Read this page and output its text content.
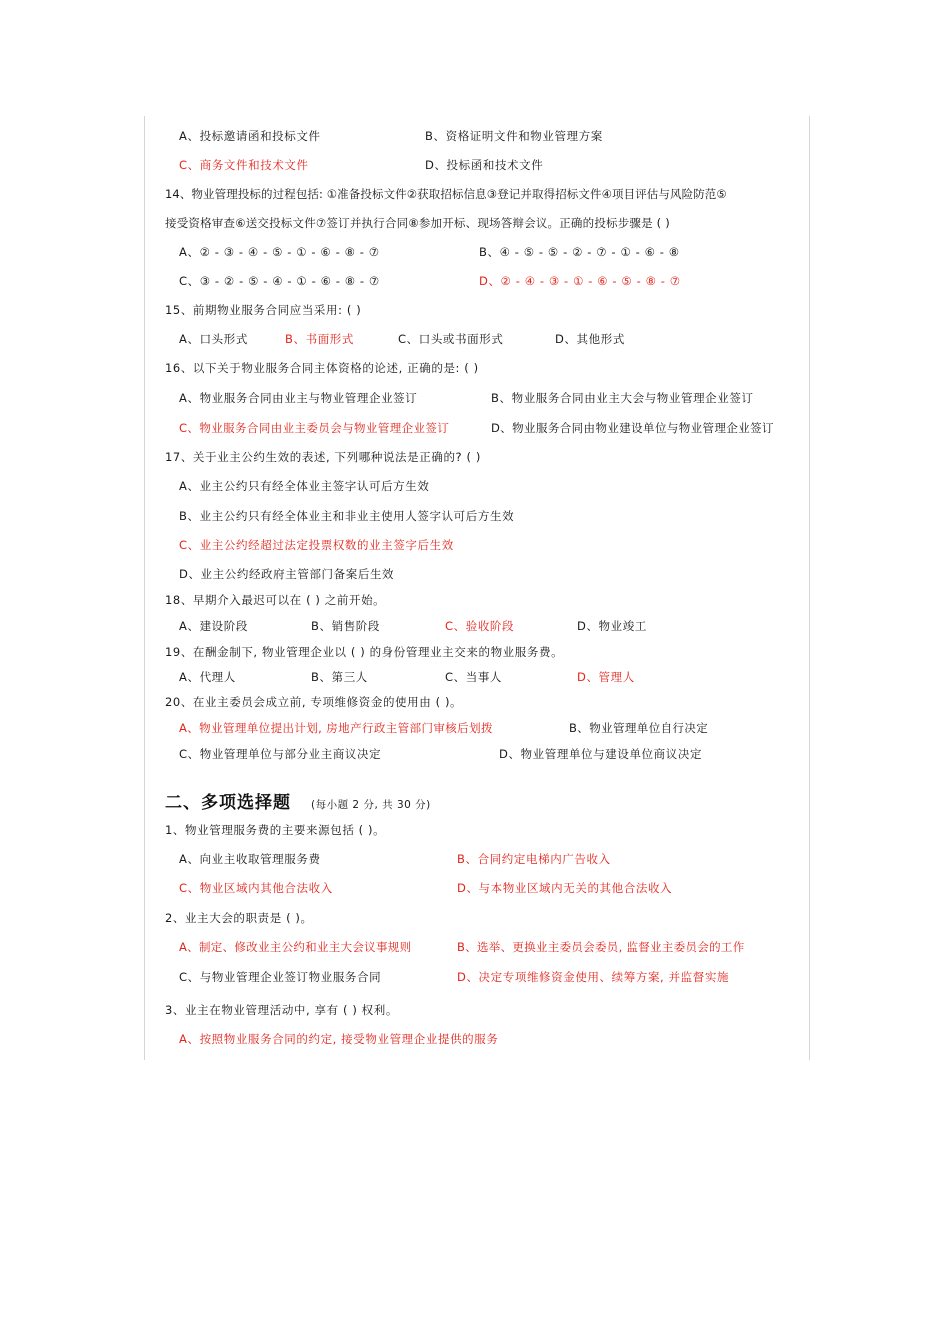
A、投标邀请函和投标文件	B、资格证明文件和物业管理方案
C、商务文件和技术文件	D、投标函和技术文件
14、物业管理投标的过程包括: ①准备投标文件②获取招标信息③登记并取得招标文件④项目评估与风险防范⑤
接受资格审查⑥送交投标文件⑦签订并执行合同⑧参加开标、现场答辩会议。正确的投标步骤是 ( )
A、② - ③ - ④ - ⑤ - ① - ⑥ - ⑧ - ⑦	B、④ - ⑤ - ⑤ - ② - ⑦ - ① - ⑥ - ⑧
C、③ - ② - ⑤ - ④ - ① - ⑥ - ⑧ - ⑦	D、② - ④ - ③ - ① - ⑥ - ⑤ - ⑧ - ⑦
15、前期物业服务合同应当采用: ( )
A、口头形式	B、书面形式	C、口头或书面形式	D、其他形式
16、以下关于物业服务合同主体资格的论述, 正确的是: ( )
A、物业服务合同由业主与物业管理企业签订	B、物业服务合同由业主大会与物业管理企业签订
C、物业服务合同由业主委员会与物业管理企业签订	D、物业服务合同由物业建设单位与物业管理企业签订
17、关于业主公约生效的表述, 下列哪种说法是正确的? ( )
A、业主公约只有经全体业主签字认可后方生效
B、业主公约只有经全体业主和非业主使用人签字认可后方生效
C、业主公约经超过法定投票权数的业主签字后生效
D、业主公约经政府主管部门备案后生效
18、早期介入最迟可以在 ( ) 之前开始。
A、建设阶段	B、销售阶段	C、验收阶段	D、物业竣工
19、在酬金制下, 物业管理企业以 ( ) 的身份管理业主交来的物业服务费。
A、代理人	B、第三人	C、当事人	D、管理人
20、在业主委员会成立前, 专项维修资金的使用由 ( )。
A、物业管理单位提出计划, 房地产行政主管部门审核后划拨	B、物业管理单位自行决定
C、物业管理单位与部分业主商议决定	D、物业管理单位与建设单位商议决定
二、多项选择题 (每小题 2 分, 共 30 分)
1、物业管理服务费的主要来源包括 ( )。
A、向业主收取管理服务费	B、合同约定电梯内广告收入
C、物业区域内其他合法收入	D、与本物业区域内无关的其他合法收入
2、业主大会的职责是 ( )。
A、制定、修改业主公约和业主大会议事规则	B、选举、更换业主委员会委员, 监督业主委员会的工作
C、与物业管理企业签订物业服务合同	D、决定专项维修资金使用、续筹方案, 并监督实施
3、业主在物业管理活动中, 享有 ( ) 权利。
A、按照物业服务合同的约定, 接受物业管理企业提供的服务
